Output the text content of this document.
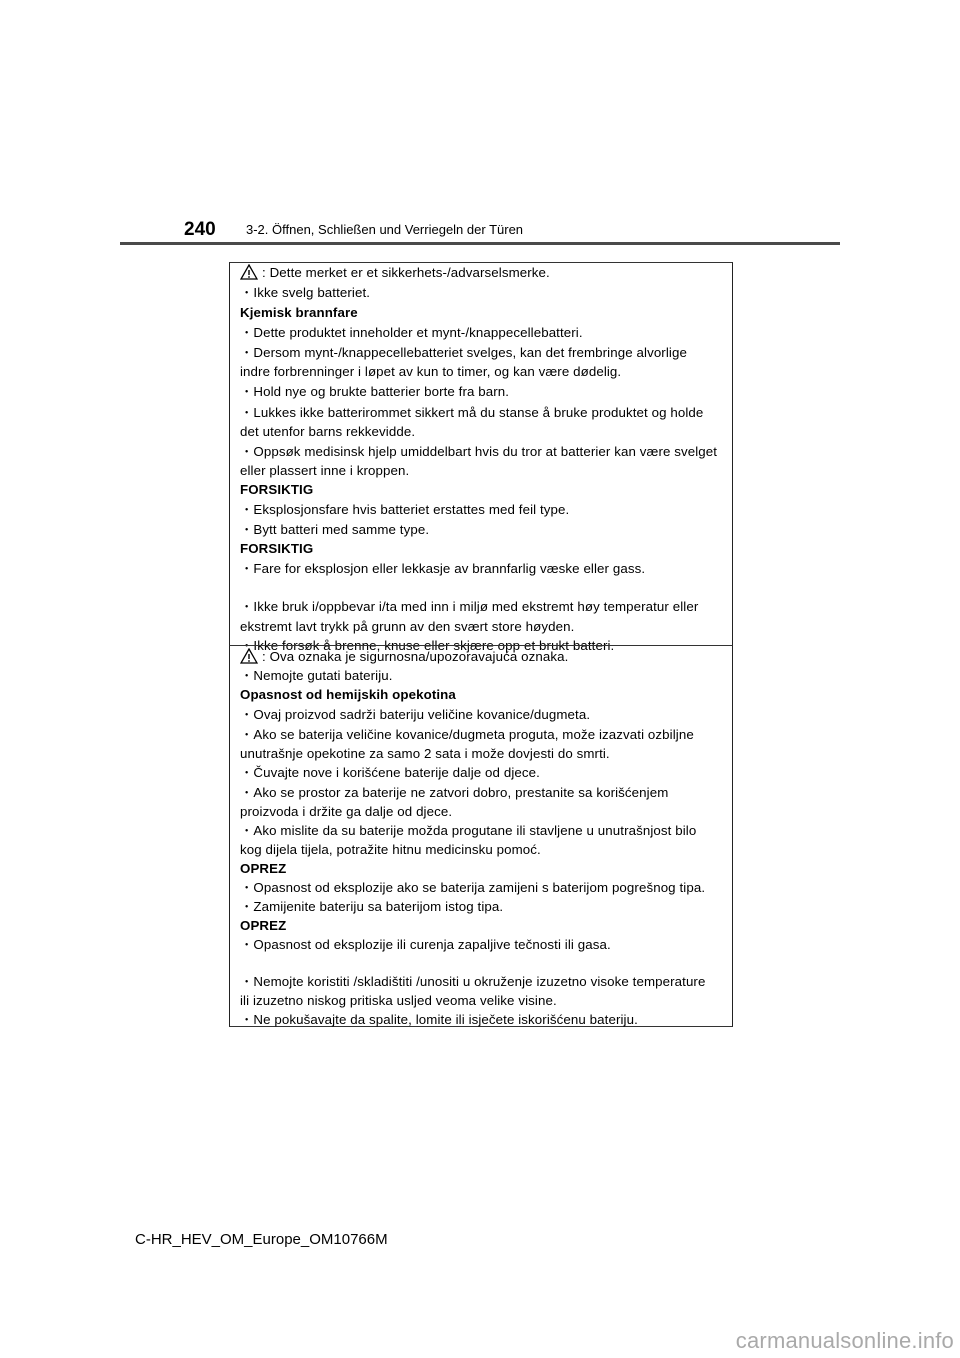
240 3-2. Öffnen, Schließen und Verriegeln der Türen
: Dette merket er et sikkerhets-/advarselsmerke.
・Ikke svelg batteriet.
Kjemisk brannfare
・Dette produktet inneholder et mynt-/knappecellebatteri.
・Dersom mynt-/knappecellebatteriet svelges, kan det frembringe alvorlige
indre forbrenninger i løpet av kun to timer, og kan være dødelig.
・Hold nye og brukte batterier borte fra barn.
・Lukkes ikke batterirommet sikkert må du stanse å bruke produktet og holde
det utenfor barns rekkevidde.
・Oppsøk medisinsk hjelp umiddelbart hvis du tror at batterier kan være svelget
eller plassert inne i kroppen.
FORSIKTIG
・Eksplosjonsfare hvis batteriet erstattes med feil type.
・Bytt batteri med samme type.
FORSIKTIG
・Fare for eksplosjon eller lekkasje av brannfarlig væske eller gass.
・Ikke bruk i/oppbevar i/ta med inn i miljø med ekstremt høy temperatur eller
ekstremt lavt trykk på grunn av den svært store høyden.
・Ikke forsøk å brenne, knuse eller skjære opp et brukt batteri.
: Ova oznaka je sigurnosna/upozoravajuća oznaka.
・Nemojte gutati bateriju.
Opasnost od hemijskih opekotina
・Ovaj proizvod sadrži bateriju veličine kovanice/dugmeta.
・Ako se baterija veličine kovanice/dugmeta proguta, može izazvati ozbiljne
unutrašnje opekotine za samo 2 sata i može dovjesti do smrti.
・Čuvajte nove i korišćene baterije dalje od djece.
・Ako se prostor za baterije ne zatvori dobro, prestanite sa korišćenjem
proizvoda i držite ga dalje od djece.
・Ako mislite da su baterije možda progutane ili stavljene u unutrašnjost bilo
kog dijela tijela, potražite hitnu medicinsku pomoć.
OPREZ
・Opasnost od eksplozije ako se baterija zamijeni s baterijom pogrešnog tipa.
・Zamijenite bateriju sa baterijom istog tipa.
OPREZ
・Opasnost od eksplozije ili curenja zapaljive tečnosti ili gasa.
・Nemojte koristiti /skladištiti /unositi u okruženje izuzetno visoke temperature
ili izuzetno niskog pritiska usljed veoma velike visine.
・Ne pokušavajte da spalite, lomite ili isječete iskorišćenu bateriju.
C-HR_HEV_OM_Europe_OM10766M
carmanualsonline.info
